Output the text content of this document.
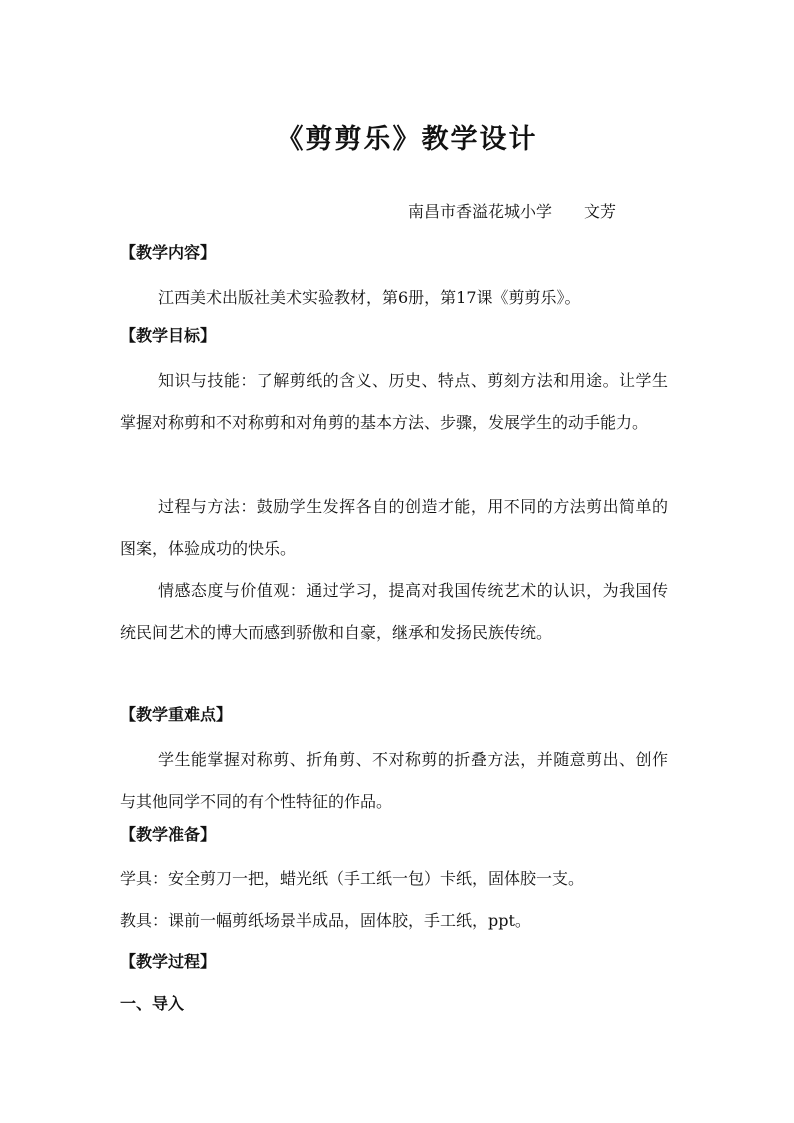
《剪剪乐》教学设计
南昌市香溢花城小学　　文芳
【教学内容】
江西美术出版社美术实验教材，第6册，第17课《剪剪乐》。
【教学目标】
知识与技能：了解剪纸的含义、历史、特点、剪刻方法和用途。让学生掌握对称剪和不对称剪和对角剪的基本方法、步骤，发展学生的动手能力。
过程与方法：鼓励学生发挥各自的创造才能，用不同的方法剪出简单的图案，体验成功的快乐。
情感态度与价值观：通过学习，提高对我国传统艺术的认识，为我国传统民间艺术的博大而感到骄傲和自豪，继承和发扬民族传统。
【教学重难点】
学生能掌握对称剪、折角剪、不对称剪的折叠方法，并随意剪出、创作与其他同学不同的有个性特征的作品。
【教学准备】
学具：安全剪刀一把，蜡光纸（手工纸一包）卡纸，固体胶一支。
教具：课前一幅剪纸场景半成品，固体胶，手工纸，ppt。
【教学过程】
一、导入
